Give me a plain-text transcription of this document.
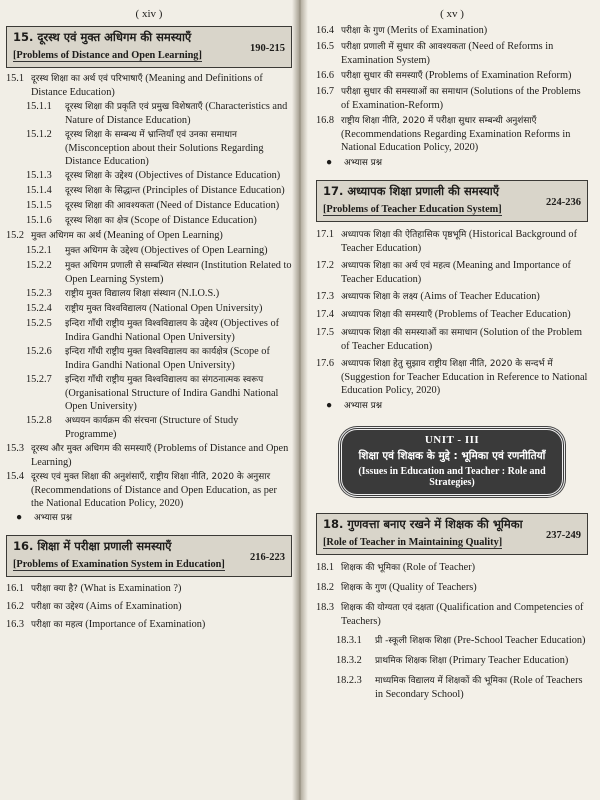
( xiv )
15. दूरस्थ एवं मुक्त अधिगम की समस्याएँ
[Problems of Distance and Open Learning]
190-215
15.1 दूरस्थ शिक्षा का अर्थ एवं परिभाषाएँ (Meaning and Definitions of Distance Education)
15.1.1	दूरस्थ शिक्षा की प्रकृति एवं प्रमुख विशेषताएँ (Characteristics and Nature of Distance Education)
15.1.2	दूरस्थ शिक्षा के सम्बन्ध में भ्रान्तियाँ एवं उनका समाधान (Misconception about their Solutions Regarding Distance Education)
15.1.3	दूरस्थ शिक्षा के उद्देश्य (Objectives of Distance Education)
15.1.4	दूरस्थ शिक्षा के सिद्धान्त (Principles of Distance Education)
15.1.5	दूरस्थ शिक्षा की आवश्यकता (Need of Distance Education)
15.1.6	दूरस्थ शिक्षा का क्षेत्र (Scope of Distance Education)
15.2 मुक्त अधिगम का अर्थ (Meaning of Open Learning)
15.2.1	मुक्त अधिगम के उद्देश्य (Objectives of Open Learning)
15.2.2	मुक्त अधिगम प्रणाली से सम्बन्धित संस्थान (Institution Related to Open Learning System)
15.2.3	राष्ट्रीय मुक्त विद्यालय शिक्षा संस्थान (N.I.O.S.)
15.2.4	राष्ट्रीय मुक्त विश्वविद्यालय (National Open University)
15.2.5	इन्दिरा गाँधी राष्ट्रीय मुक्त विश्वविद्यालय के उद्देश्य (Objectives of Indira Gandhi National Open University)
15.2.6	इन्दिरा गाँधी राष्ट्रीय मुक्त विश्वविद्यालय का कार्यक्षेत्र (Scope of Indira Gandhi National Open University)
15.2.7	इन्दिरा गाँधी राष्ट्रीय मुक्त विश्वविद्यालय का संगठनात्मक स्वरूप (Organisational Structure of Indira Gandhi National Open University)
15.2.8	अध्ययन कार्यक्रम की संरचना (Structure of Study Programme)
15.3 दूरस्थ और मुक्त अधिगम की समस्याएँ (Problems of Distance and Open Learning)
15.4 दूरस्थ एवं मुक्त शिक्षा की अनुशंसाएँ, राष्ट्रीय शिक्षा नीति, 2020 के अनुसार (Recommendations of Distance and Open Education, as per the National Education Policy, 2020)
● अभ्यास प्रश्न
16. शिक्षा में परीक्षा प्रणाली समस्याएँ
[Problems of Examination System in Education]
216-223
16.1 परीक्षा क्या है? (What is Examination ?)
16.2 परीक्षा का उद्देश्य (Aims of Examination)
16.3 परीक्षा का महत्व (Importance of Examination)
( xv )
16.4 परीक्षा के गुण (Merits of Examination)
16.5 परीक्षा प्रणाली में सुधार की आवश्यकता (Need of Reforms in Examination System)
16.6 परीक्षा सुधार की समस्याएँ (Problems of Examination Reform)
16.7 परीक्षा सुधार की समस्याओं का समाधान (Solutions of the Problems of Examination-Reform)
16.8 राष्ट्रीय शिक्षा नीति, 2020 में परीक्षा सुधार सम्बन्धी अनुशंसाएँ (Recommendations Regarding Examination Reforms in National Education Policy, 2020)
● अभ्यास प्रश्न
17. अध्यापक शिक्षा प्रणाली की समस्याएँ
[Problems of Teacher Education System]
224-236
17.1 अध्यापक शिक्षा की ऐतिहासिक पृष्ठभूमि (Historical Background of Teacher Education)
17.2 अध्यापक शिक्षा का अर्थ एवं महत्व (Meaning and Importance of Teacher Education)
17.3 अध्यापक शिक्षा के लक्ष्य (Aims of Teacher Education)
17.4 अध्यापक शिक्षा की समस्याएँ (Problems of Teacher Education)
17.5 अध्यापक शिक्षा की समस्याओं का समाधान (Solution of the Problem of Teacher Education)
17.6 अध्यापक शिक्षा हेतु सुझाव राष्ट्रीय शिक्षा नीति, 2020 के सन्दर्भ में (Suggestion for Teacher Education in Reference to National Education Policy, 2020)
● अभ्यास प्रश्न
UNIT - III
शिक्षा एवं शिक्षक के मुद्दे : भूमिका एवं रणनीतियाँ
(Issues in Education and Teacher : Role and Strategies)
18. गुणवत्ता बनाए रखने में शिक्षक की भूमिका
[Role of Teacher in Maintaining Quality]
237-249
18.1 शिक्षक की भूमिका (Role of Teacher)
18.2 शिक्षक के गुण (Quality of Teachers)
18.3 शिक्षक की योग्यता एवं दक्षता (Qualification and Competencies of Teachers)
18.3.1	प्री -स्कूली शिक्षक शिक्षा (Pre-School Teacher Education)
18.3.2	प्राथमिक शिक्षक शिक्षा (Primary Teacher Education)
18.2.3	माध्यमिक विद्यालय में शिक्षकों की भूमिका (Role of Teachers in Secondary School)
